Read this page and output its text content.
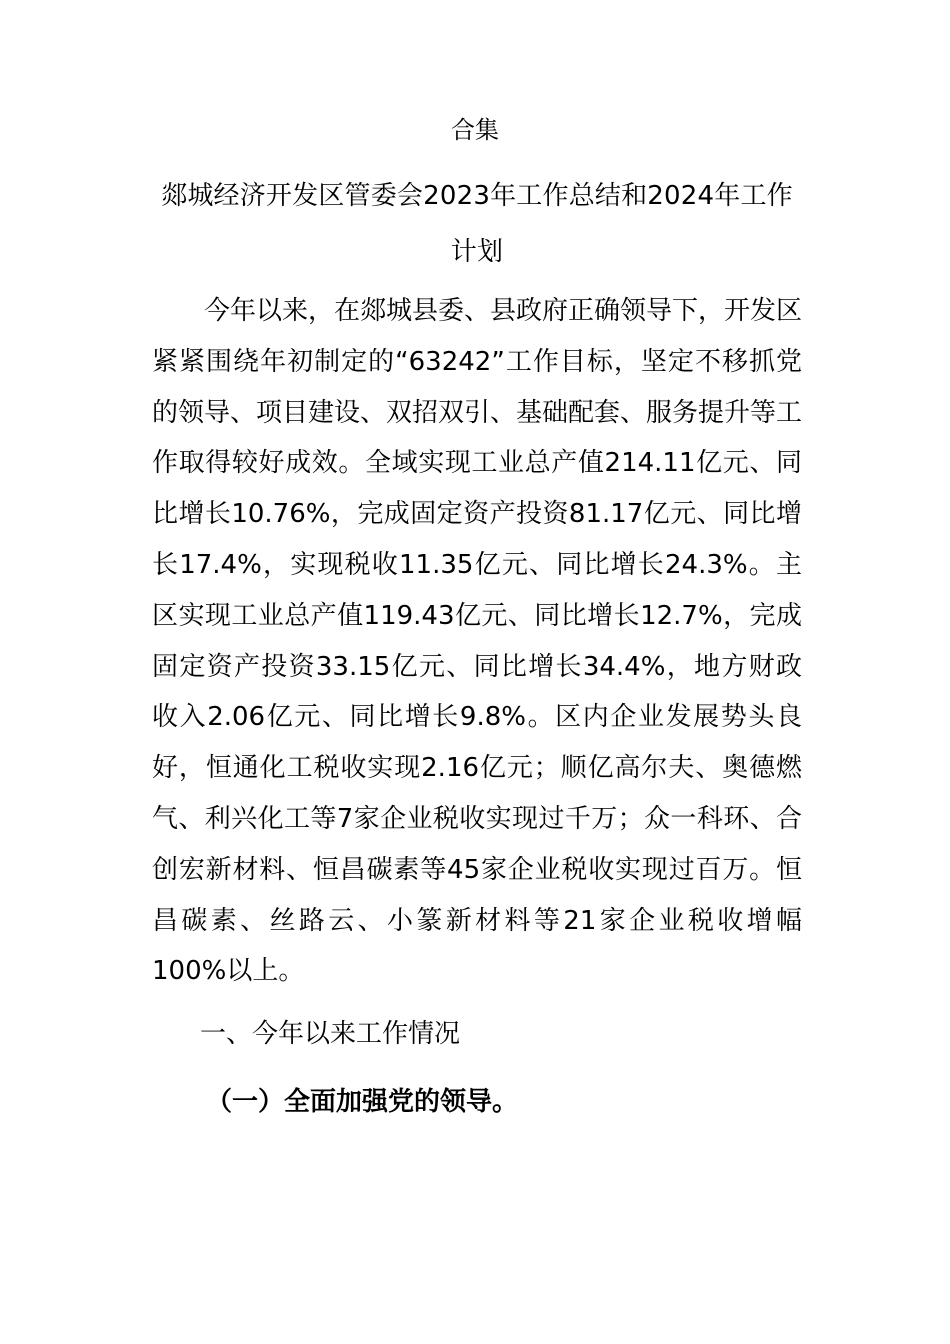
合集
郯城经济开发区管委会2023年工作总结和2024年工作计划
今年以来，在郯城县委、县政府正确领导下，开发区紧紧围绕年初制定的“63242”工作目标，坚定不移抓党的领导、项目建设、双招双引、基础配套、服务提升等工作取得较好成效。全域实现工业总产值214.11亿元、同比增长10.76%，完成固定资产投资81.17亿元、同比增长17.4%，实现税收11.35亿元、同比增长24.3%。主区实现工业总产值119.43亿元、同比增长12.7%，完成固定资产投资33.15亿元、同比增长34.4%，地方财政收入2.06亿元、同比增长9.8%。区内企业发展势头良好，恒通化工税收实现2.16亿元；顺亿高尔夫、奥德燃气、利兴化工等7家企业税收实现过千万；众一科环、合创宏新材料、恒昌碳素等45家企业税收实现过百万。恒昌碳素、丝路云、小篆新材料等21家企业税收增幅100%以上。
一、今年以来工作情况
（一）全面加强党的领导。
